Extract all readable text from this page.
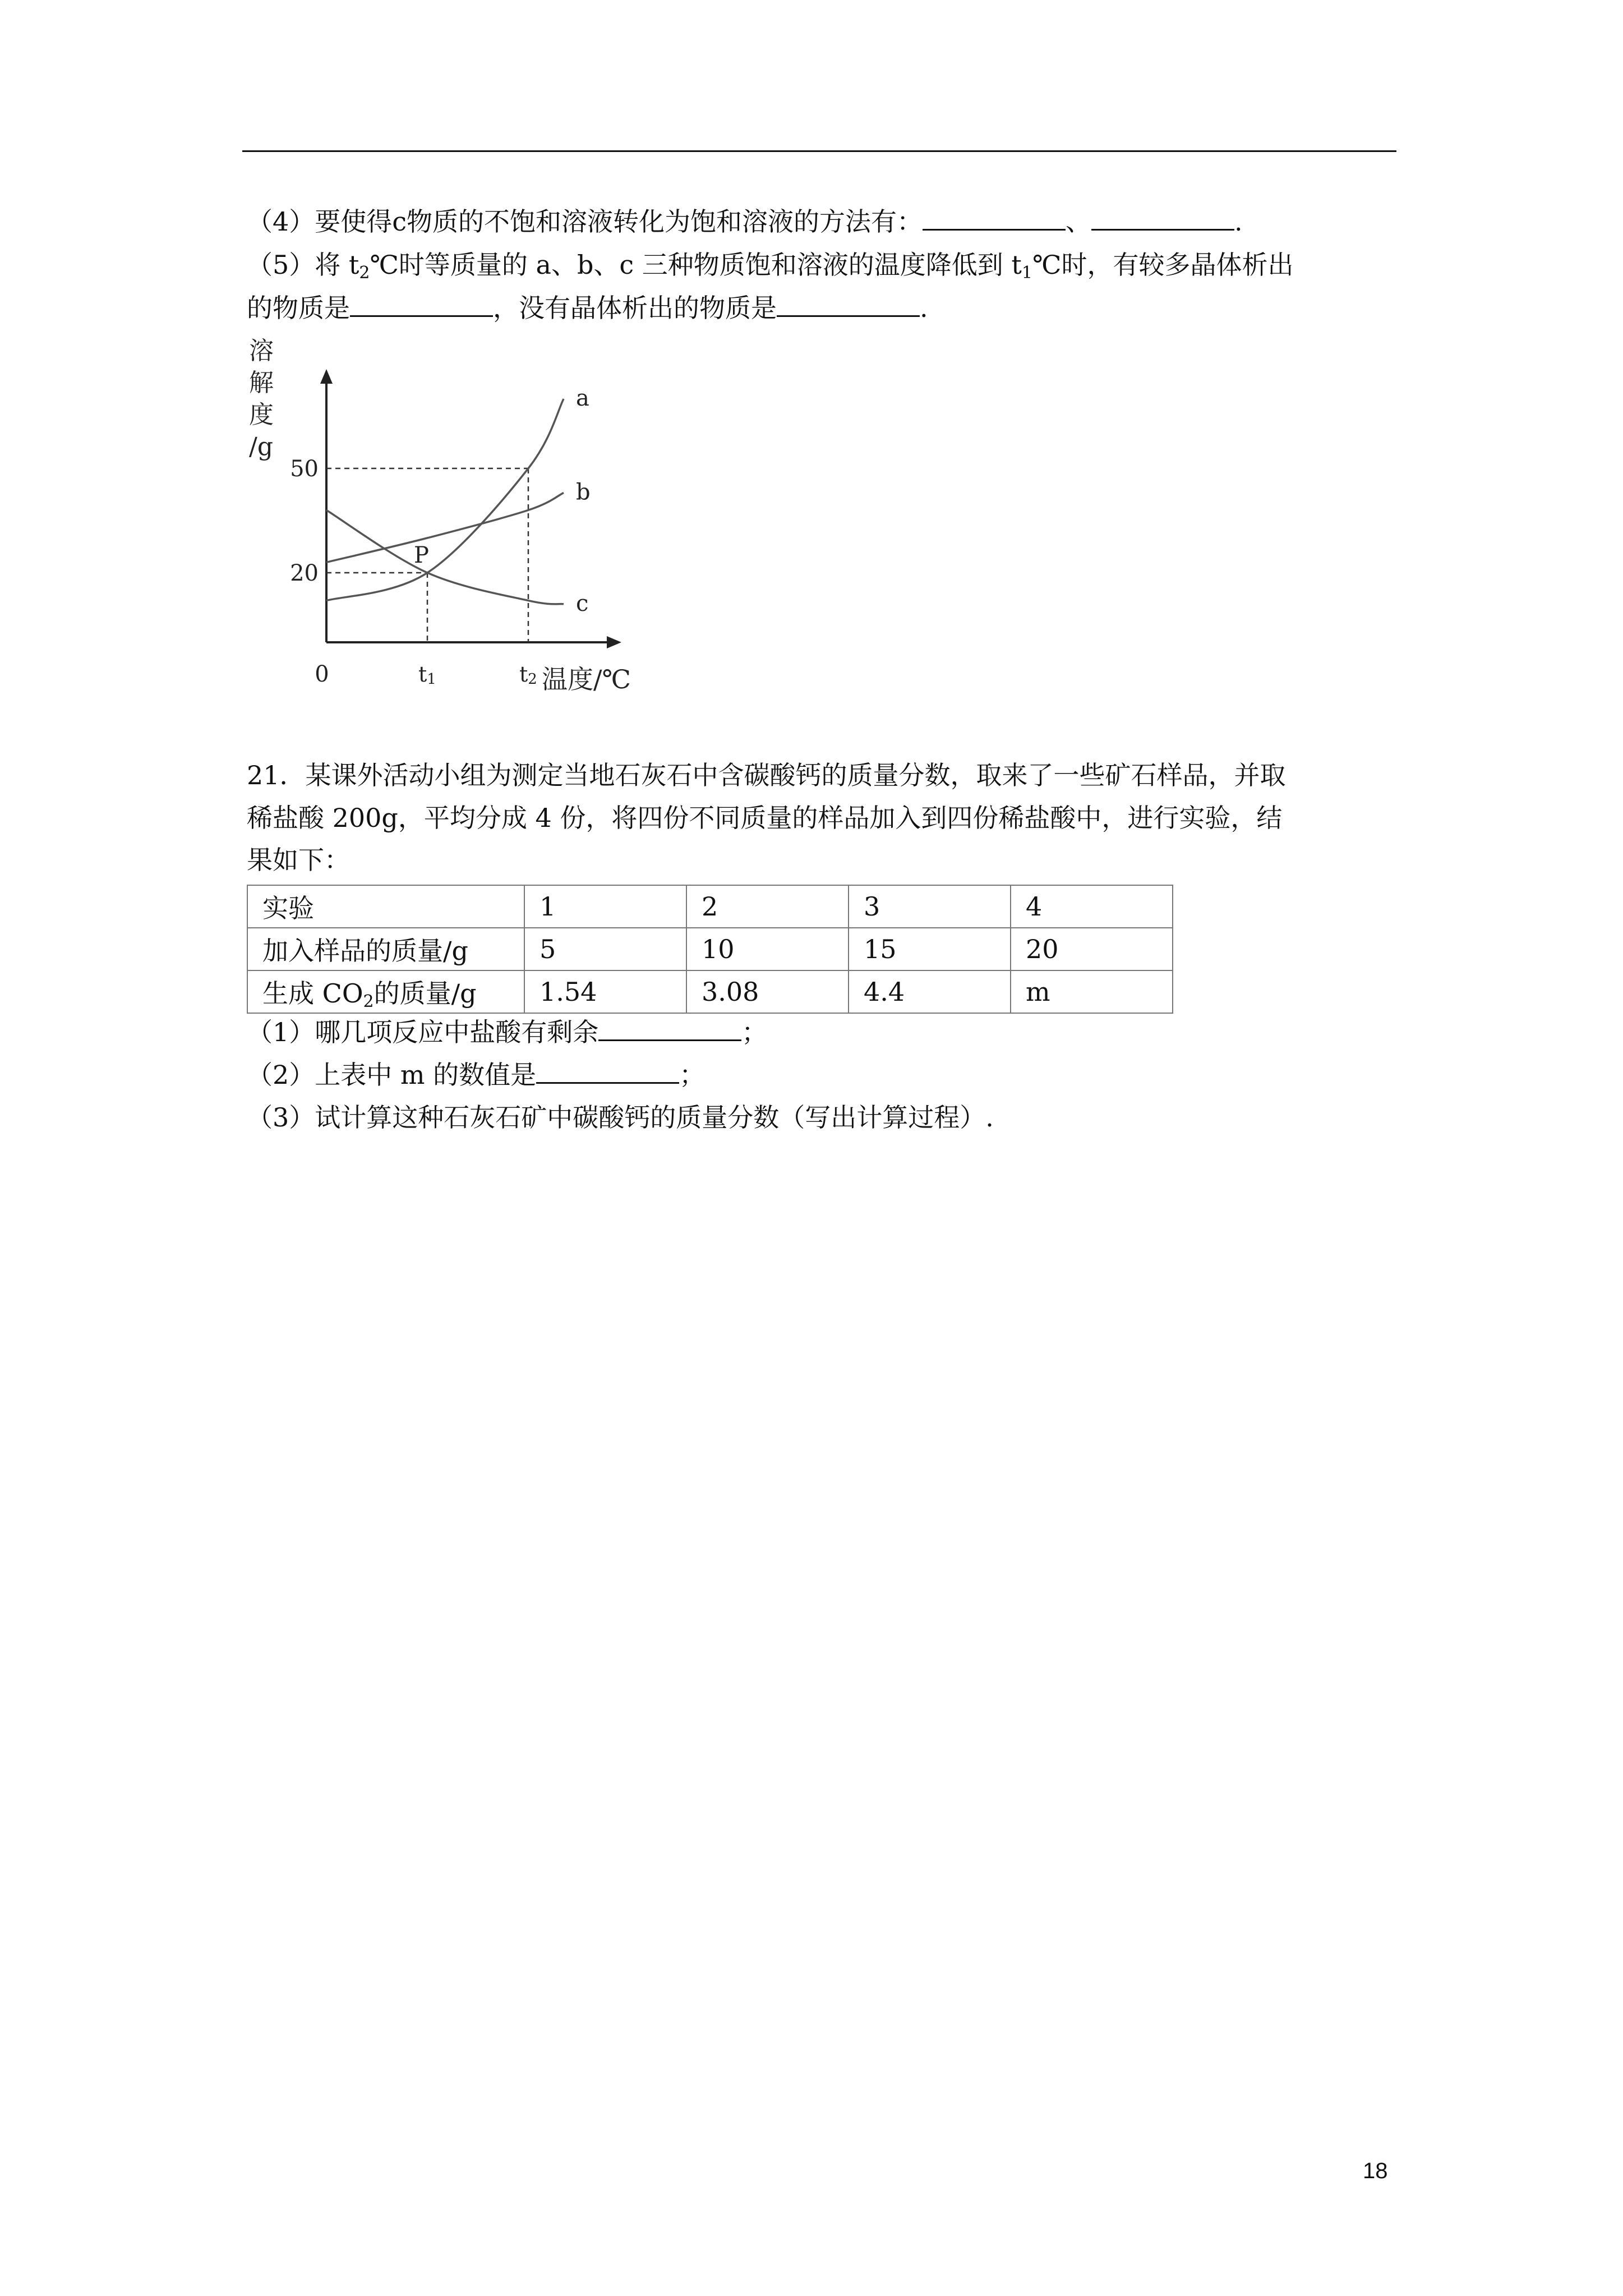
（4）要使得c物质的不饱和溶液转化为饱和溶液的方法有：	、	.
（5）将 $t_2℃$时等质量的 a、b、c 三种物质饱和溶液的温度降低到 $t_1℃$时，有较多晶体析出
的物质是	，没有晶体析出的物质是	.
a
b
c
溶
解
度
/g
50
20
t1	t2
0	温度/℃
P
21．某课外活动小组为测定当地石灰石中含碳酸钙的质量分数，取来了一些矿石样品，并取
稀盐酸 200g，平均分成 4 份，将四份不同质量的样品加入到四份稀盐酸中，进行实验，结
果如下：
实验	1	2	3	4
加入样品的质量/g	5	10	15	20
生成 $CO_2$的质量/g	1.54	3.08	4.4	m
（1）哪几项反应中盐酸有剩余	；
（2）上表中 m 的数值是	；
（3）试计算这种石灰石矿中碳酸钙的质量分数（写出计算过程）.
18
